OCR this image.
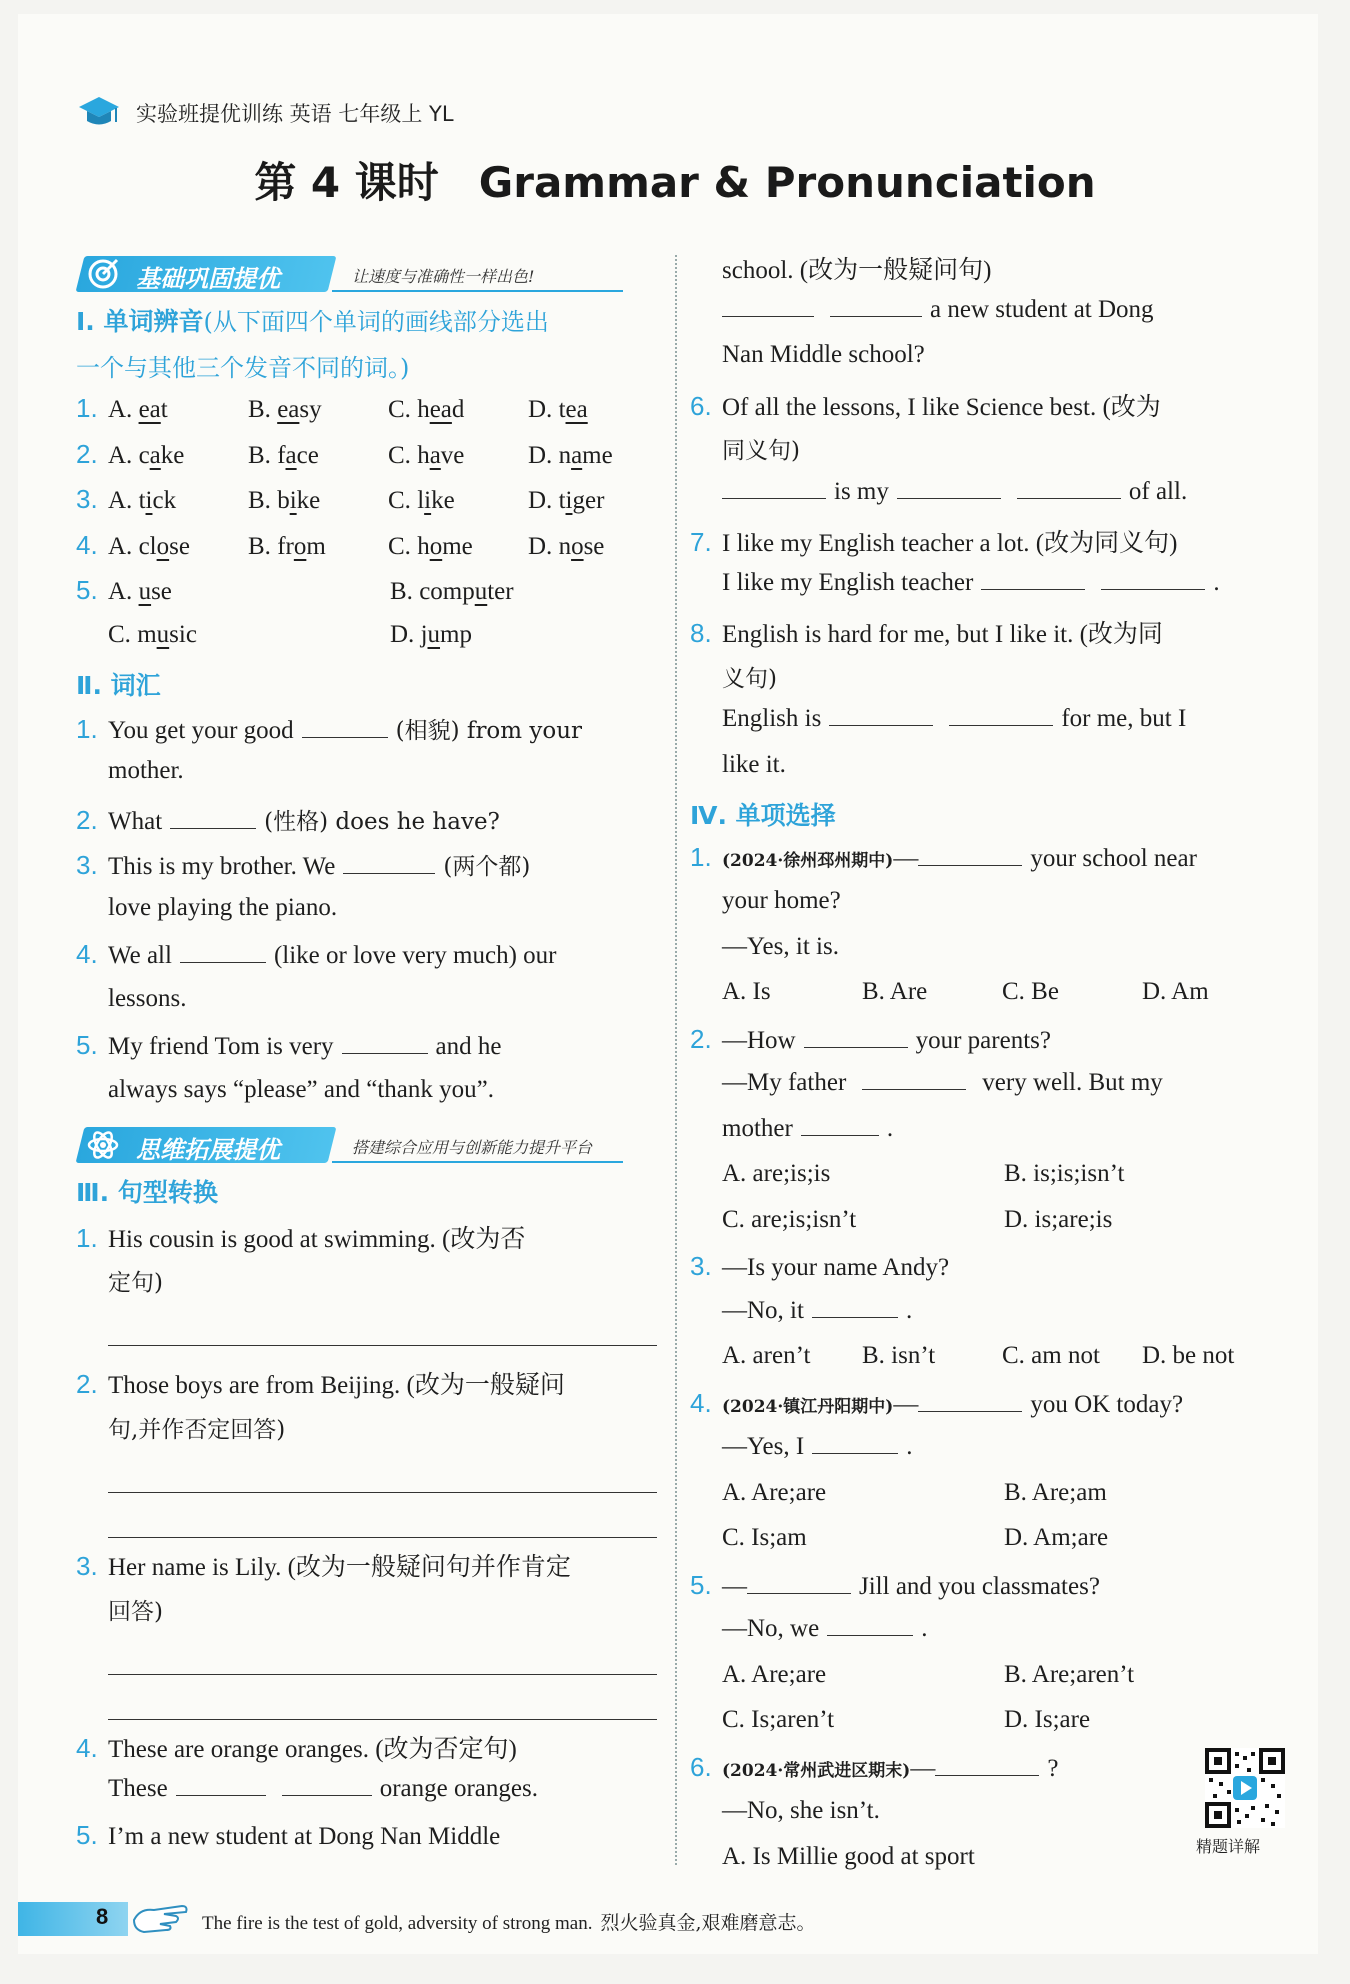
实验班提优训练 英语 七年级上 YL
第 4 课时 Grammar & Pronunciation
基础巩固提优	让速度与准确性一样出色!
Ⅰ. 单词辨音 (从下面四个单词的画线部分选出
一个与其他三个发音不同的词。)
1. A. eat	B. easy	C. head	D. tea
2. A. cake	B. face	C. have	D. name
3. A. tick	B. bike	C. like	D. tiger
4. A. close	B. from	C. home	D. nose
5. A. use	B. computer
C. music	D. jump
Ⅱ. 词汇
1. You get your good	(相貌) from your
mother.
2. What	(性格) does he have?
3. This is my brother. We	(两个都)
love playing the piano.
4. We all	(like or love very much) our
lessons.
5. My friend Tom is very	and he
always says “please” and “thank you”.
思维拓展提优	搭建综合应用与创新能力提升平台
Ⅲ. 句型转换
1. His cousin is good at swimming. (改为否
定句)
2. Those boys are from Beijing. (改为一般疑问
句,并作否定回答)
3. Her name is Lily. (改为一般疑问句并作肯定
回答)
4. These are orange oranges. (改为否定句)
These	orange oranges.
5. I’m a new student at Dong Nan Middle
school. (改为一般疑问句)
a new student at Dong
Nan Middle school?
6. Of all the lessons, I like Science best. (改为
同义句)
is my	of all.
7. I like my English teacher a lot. (改为同义句)
I like my English teacher	.
8. English is hard for me, but I like it. (改为同
义句)
English is	for me, but I
like it.
Ⅳ. 单项选择
1. (2024·徐州邳州期中) —	your school near
your home?
—Yes, it is.
A. Is	B. Are	C. Be	D. Am
2. —How	your parents?
—My father	very well. But my
mother	.
A. are;is;is	B. is;is;isn’t
C. are;is;isn’t	D. is;are;is
3. —Is your name Andy?
—No, it	.
A. aren’t	B. isn’t	C. am not	D. be not
4. (2024·镇江丹阳期中) —	you OK today?
—Yes, I	.
A. Are;are	B. Are;am
C. Is;am	D. Am;are
5. —	Jill and you classmates?
—No, we	.
A. Are;are	B. Are;aren’t
C. Is;aren’t	D. Is;are
6. (2024·常州武进区期末) —	?
—No, she isn’t.
A. Is Millie good at sport	精题详解
8	The fire is the test of gold, adversity of strong man. 烈火验真金,艰难磨意志。
